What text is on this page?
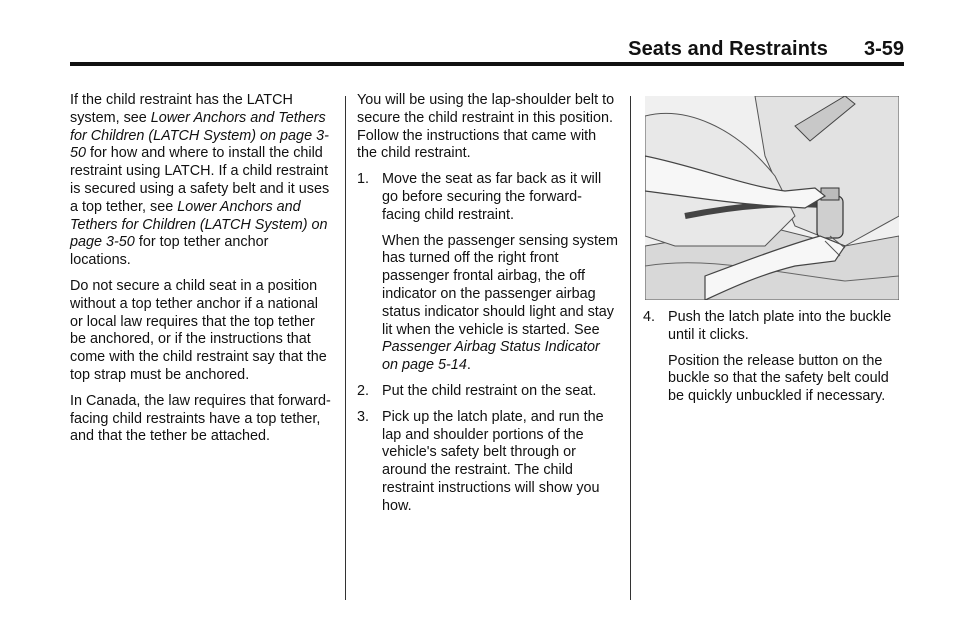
Seats and Restraints 3-59

If the child restraint has the LATCH system, see Lower Anchors and Tethers for Children (LATCH System) on page 3-50 for how and where to install the child restraint using LATCH. If a child restraint is secured using a safety belt and it uses a top tether, see Lower Anchors and Tethers for Children (LATCH System) on page 3-50 for top tether anchor locations.

Do not secure a child seat in a position without a top tether anchor if a national or local law requires that the top tether be anchored, or if the instructions that come with the child restraint say that the top strap must be anchored.

In Canada, the law requires that forward-facing child restraints have a top tether, and that the tether be attached.

You will be using the lap-shoulder belt to secure the child restraint in this position. Follow the instructions that came with the child restraint.

1. Move the seat as far back as it will go before securing the forward-facing child restraint.
When the passenger sensing system has turned off the right front passenger frontal airbag, the off indicator on the passenger airbag status indicator should light and stay lit when the vehicle is started. See Passenger Airbag Status Indicator on page 5-14.
2. Put the child restraint on the seat.
3. Pick up the latch plate, and run the lap and shoulder portions of the vehicle's safety belt through or around the restraint. The child restraint instructions will show you how.
4. Push the latch plate into the buckle until it clicks.
Position the release button on the buckle so that the safety belt could be quickly unbuckled if necessary.
